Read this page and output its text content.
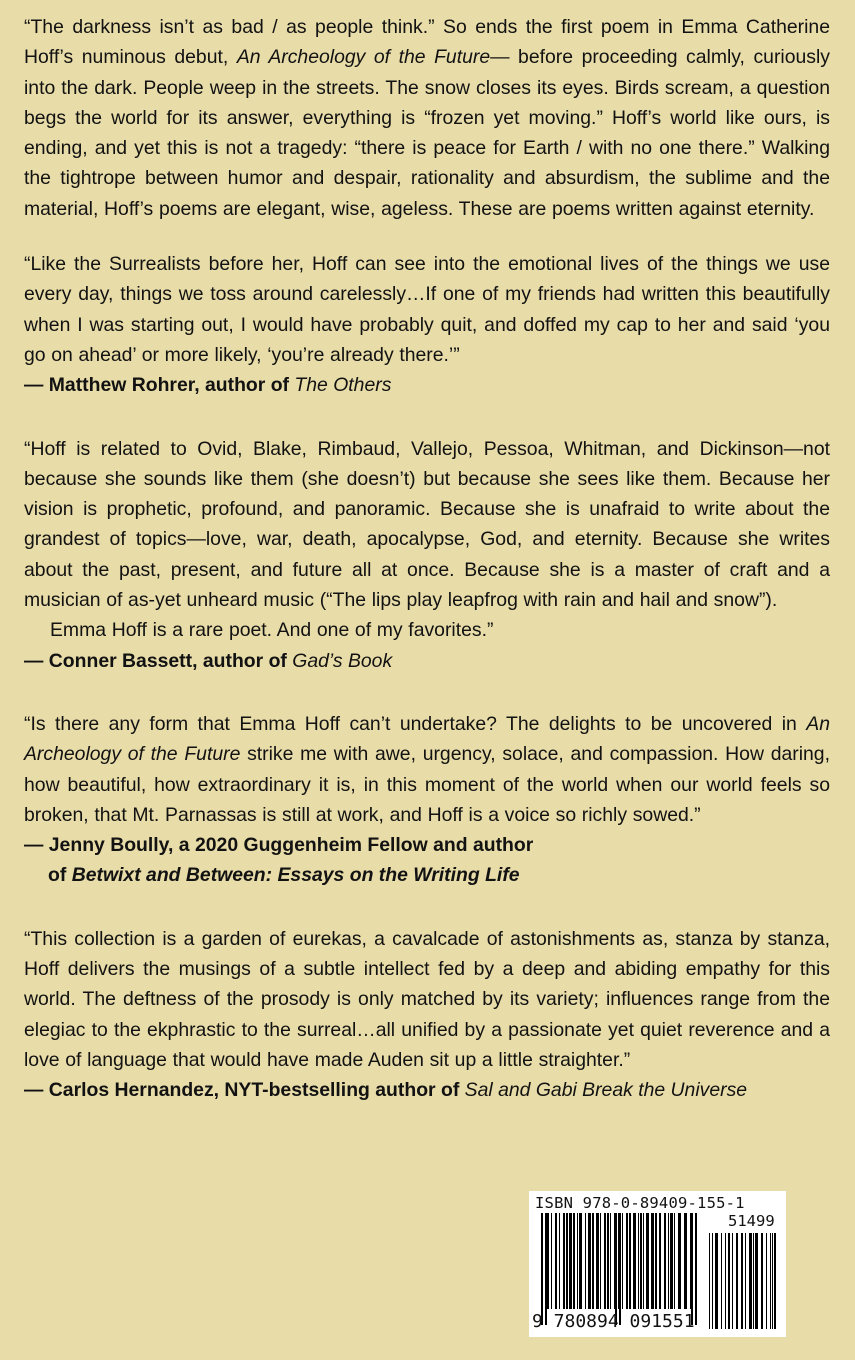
“The darkness isn’t as bad / as people think.” So ends the first poem in Emma Catherine Hoff’s numinous debut, An Archeology of the Future— before proceeding calmly, curiously into the dark. People weep in the streets. The snow closes its eyes. Birds scream, a question begs the world for its answer, everything is “frozen yet moving.” Hoff’s world like ours, is ending, and yet this is not a tragedy: “there is peace for Earth / with no one there.” Walking the tightrope between humor and despair, rationality and absurdism, the sublime and the material, Hoff’s poems are elegant, wise, ageless. These are poems written against eternity.

“Like the Surrealists before her, Hoff can see into the emotional lives of the things we use every day, things we toss around carelessly…If one of my friends had written this beautifully when I was starting out, I would have probably quit, and doffed my cap to her and said ‘you go on ahead’ or more likely, ‘you’re already there.’”

— Matthew Rohrer, author of The Others

“Hoff is related to Ovid, Blake, Rimbaud, Vallejo, Pessoa, Whitman, and Dickinson—not because she sounds like them (she doesn’t) but because she sees like them. Because her vision is prophetic, profound, and panoramic. Because she is unafraid to write about the grandest of topics—love, war, death, apocalypse, God, and eternity. Because she writes about the past, present, and future all at once. Because she is a master of craft and a musician of as-yet unheard music (“The lips play leapfrog with rain and hail and snow”).

Emma Hoff is a rare poet. And one of my favorites.”

— Conner Bassett, author of Gad’s Book

“Is there any form that Emma Hoff can’t undertake? The delights to be uncovered in An Archeology of the Future strike me with awe, urgency, solace, and compassion. How daring, how beautiful, how extraordinary it is, in this moment of the world when our world feels so broken, that Mt. Parnassas is still at work, and Hoff is a voice so richly sowed.”

— Jenny Boully, a 2020 Guggenheim Fellow and author

of Betwixt and Between: Essays on the Writing Life

“This collection is a garden of eurekas, a cavalcade of astonishments as, stanza by stanza, Hoff delivers the musings of a subtle intellect fed by a deep and abiding empathy for this world. The deftness of the prosody is only matched by its variety; influences range from the elegiac to the ekphrastic to the surreal…all unified by a passionate yet quiet reverence and a love of language that would have made Auden sit up a little straighter.”

— Carlos Hernandez, NYT-bestselling author of Sal and Gabi Break the Universe

ISBN 978-0-89409-155-1
51499
9 780894 091551
